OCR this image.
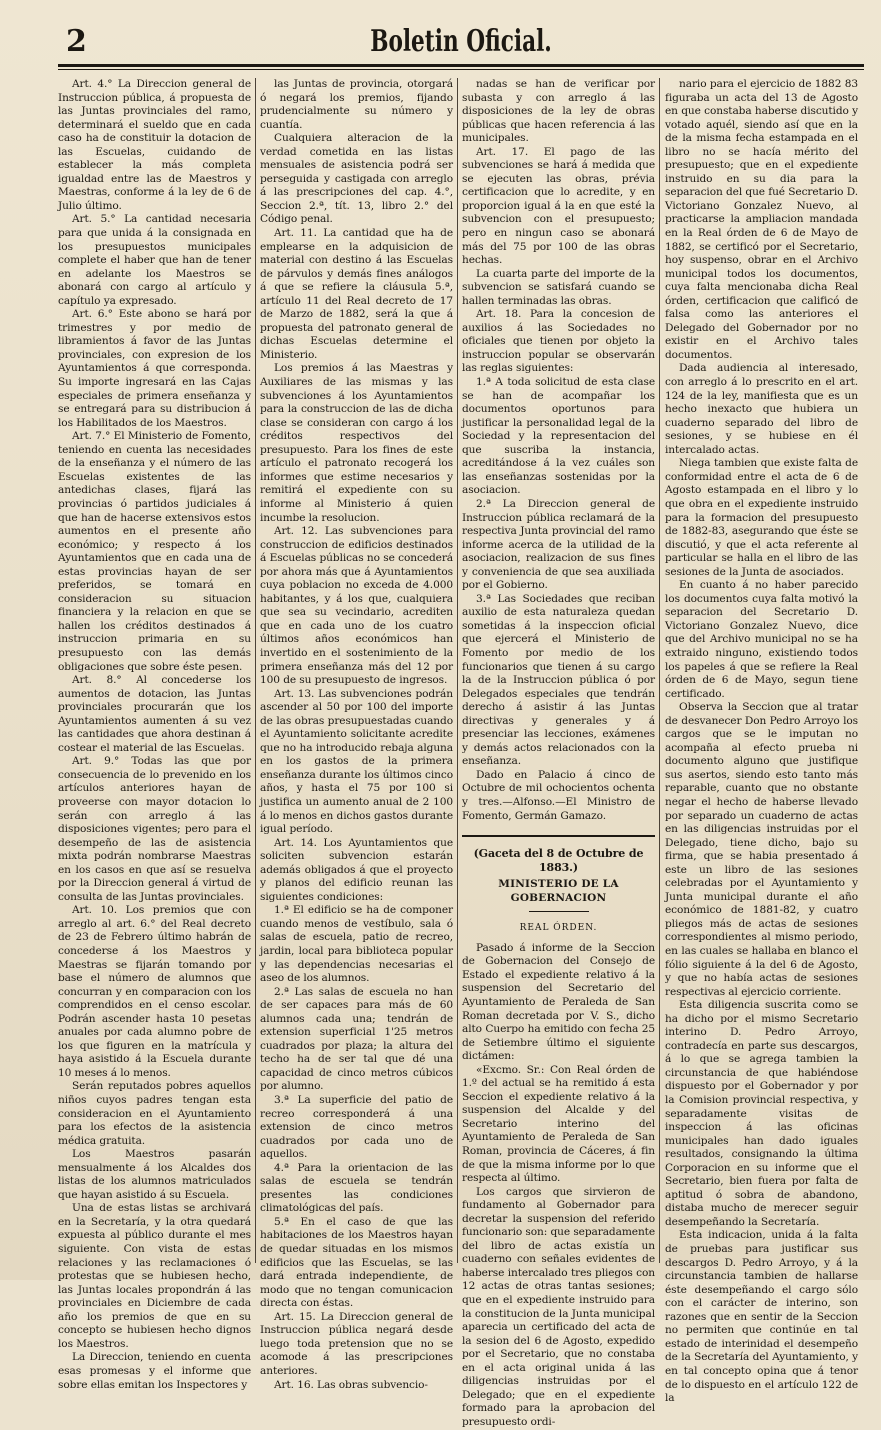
2	Boletin Oficial.

Art. 4.° La Direccion general de Instruccion pública, á propuesta de las Juntas provinciales del ramo, determinará el sueldo que en cada caso ha de constituir la dotacion de las Escuelas, cuidando de establecer la más completa igualdad entre las de Maestros y Maestras, conforme á la ley de 6 de Julio último.

Art. 5.° La cantidad necesaria para que unida á la consignada en los presupuestos municipales complete el haber que han de tener en adelante los Maestros se abonará con cargo al artículo y capítulo ya expresado.

Art. 6.° Este abono se hará por trimestres y por medio de libramientos á favor de las Juntas provinciales, con expresion de los Ayuntamientos á que corresponda. Su importe ingresará en las Cajas especiales de primera enseñanza y se entregará para su distribucion á los Habilitados de los Maestros.

Art. 7.° El Ministerio de Fomento, teniendo en cuenta las necesidades de la enseñanza y el número de las Escuelas existentes de las antedichas clases, fijará las provincias ó partidos judiciales á que han de hacerse extensivos estos aumentos en el presente año económico; y respecto á los Ayuntamientos que en cada una de estas provincias hayan de ser preferidos, se tomará en consideracion su situacion financiera y la relacion en que se hallen los créditos destinados á instruccion primaria en su presupuesto con las demás obligaciones que sobre éste pesen.

Art. 8.° Al concederse los aumentos de dotacion, las Juntas provinciales procurarán que los Ayuntamientos aumenten á su vez las cantidades que ahora destinan á costear el material de las Escuelas.

Art. 9.° Todas las que por consecuencia de lo prevenido en los artículos anteriores hayan de proveerse con mayor dotacion lo serán con arreglo á las disposiciones vigentes; pero para el desempeño de las de asistencia mixta podrán nombrarse Maestras en los casos en que así se resuelva por la Direccion general á virtud de consulta de las Juntas provinciales.

Art. 10. Los premios que con arreglo al art. 6.° del Real decreto de 23 de Febrero último habrán de concederse á los Maestros y Maestras se fijarán tomando por base el número de alumnos que concurran y en comparacion con los comprendidos en el censo escolar. Podrán ascender hasta 10 pesetas anuales por cada alumno pobre de los que figuren en la matrícula y haya asistido á la Escuela durante 10 meses á lo menos.

Serán reputados pobres aquellos niños cuyos padres tengan esta consideracion en el Ayuntamiento para los efectos de la asistencia médica gratuita.

Los Maestros pasarán mensualmente á los Alcaldes dos listas de los alumnos matriculados que hayan asistido á su Escuela.

Una de estas listas se archivará en la Secretaría, y la otra quedará expuesta al público durante el mes siguiente. Con vista de estas relaciones y las reclamaciones ó protestas que se hubiesen hecho, las Juntas locales propondrán á las provinciales en Diciembre de cada año los premios de que en su concepto se hubiesen hecho dignos los Maestros.

La Direccion, teniendo en cuenta esas promesas y el informe que sobre ellas emitan los Inspectores y

las Juntas de provincia, otorgará ó negará los premios, fijando prudencialmente su número y cuantía.

Cualquiera alteracion de la verdad cometida en las listas mensuales de asistencia podrá ser perseguida y castigada con arreglo á las prescripciones del cap. 4.°, Seccion 2.ª, tít. 13, libro 2.° del Código penal.

Art. 11. La cantidad que ha de emplearse en la adquisicion de material con destino á las Escuelas de párvulos y demás fines análogos á que se refiere la cláusula 5.ª, artículo 11 del Real decreto de 17 de Marzo de 1882, será la que á propuesta del patronato general de dichas Escuelas determine el Ministerio.

Los premios á las Maestras y Auxiliares de las mismas y las subvenciones á los Ayuntamientos para la construccion de las de dicha clase se consideran con cargo á los créditos respectivos del presupuesto. Para los fines de este artículo el patronato recogerá los informes que estime necesarios y remitirá el expediente con su informe al Ministerio á quien incumbe la resolucion.

Art. 12. Las subvenciones para construccion de edificios destinados á Escuelas públicas no se concederá por ahora más que á Ayuntamientos cuya poblacion no exceda de 4.000 habitantes, y á los que, cualquiera que sea su vecindario, acrediten que en cada uno de los cuatro últimos años económicos han invertido en el sostenimiento de la primera enseñanza más del 12 por 100 de su presupuesto de ingresos.

Art. 13. Las subvenciones podrán ascender al 50 por 100 del importe de las obras presupuestadas cuando el Ayuntamiento solicitante acredite que no ha introducido rebaja alguna en los gastos de la primera enseñanza durante los últimos cinco años, y hasta el 75 por 100 si justifica un aumento anual de 2 100 á lo menos en dichos gastos durante igual período.

Art. 14. Los Ayuntamientos que soliciten subvencion estarán además obligados á que el proyecto y planos del edificio reunan las siguientes condiciones:

1.ª El edificio se ha de componer cuando menos de vestíbulo, sala ó salas de escuela, patio de recreo, jardin, local para biblioteca popular y las dependencias necesarias el aseo de los alumnos.

2.ª Las salas de escuela no han de ser capaces para más de 60 alumnos cada una; tendrán de extension superficial 1'25 metros cuadrados por plaza; la altura del techo ha de ser tal que dé una capacidad de cinco metros cúbicos por alumno.

3.ª La superficie del patio de recreo corresponderá á una extension de cinco metros cuadrados por cada uno de aquellos.

4.ª Para la orientacion de las salas de escuela se tendrán presentes las condiciones climatológicas del país.

5.ª En el caso de que las habitaciones de los Maestros hayan de quedar situadas en los mismos edificios que las Escuelas, se las dará entrada independiente, de modo que no tengan comunicacion directa con éstas.

Art. 15. La Direccion general de Instruccion pública negará desde luego toda pretension que no se acomode á las prescripciones anteriores.

Art. 16. Las obras subvencio-

nadas se han de verificar por subasta y con arreglo á las disposiciones de la ley de obras públicas que hacen referencia á las municipales.

Art. 17. El pago de las subvenciones se hará á medida que se ejecuten las obras, prévia certificacion que lo acredite, y en proporcion igual á la en que esté la subvencion con el presupuesto; pero en ningun caso se abonará más del 75 por 100 de las obras hechas.

La cuarta parte del importe de la subvencion se satisfará cuando se hallen terminadas las obras.

Art. 18. Para la concesion de auxilios á las Sociedades no oficiales que tienen por objeto la instruccion popular se observarán las reglas siguientes:

1.ª A toda solicitud de esta clase se han de acompañar los documentos oportunos para justificar la personalidad legal de la Sociedad y la representacion del que suscriba la instancia, acreditándose á la vez cuáles son las enseñanzas sostenidas por la asociacion.

2.ª La Direccion general de Instruccion pública reclamará de la respectiva Junta provincial del ramo informe acerca de la utilidad de la asociacion, realizacion de sus fines y conveniencia de que sea auxiliada por el Gobierno.

3.ª Las Sociedades que reciban auxilio de esta naturaleza quedan sometidas á la inspeccion oficial que ejercerá el Ministerio de Fomento por medio de los funcionarios que tienen á su cargo la de la Instruccion pública ó por Delegados especiales que tendrán derecho á asistir á las Juntas directivas y generales y á presenciar las lecciones, exámenes y demás actos relacionados con la enseñanza.

Dado en Palacio á cinco de Octubre de mil ochocientos ochenta y tres.—Alfonso.—El Ministro de Fomento, Germán Gamazo.

(Gaceta del 8 de Octubre de 1883.)
MINISTERIO DE LA GOBERNACION
REAL ÓRDEN.

Pasado á informe de la Seccion de Gobernacion del Consejo de Estado el expediente relativo á la suspension del Secretario del Ayuntamiento de Peraleda de San Roman decretada por V. S., dicho alto Cuerpo ha emitido con fecha 25 de Setiembre último el siguiente dictámen:

«Excmo. Sr.: Con Real órden de 1.º del actual se ha remitido á esta Seccion el expediente relativo á la suspension del Alcalde y del Secretario interino del Ayuntamiento de Peraleda de San Roman, provincia de Cáceres, á fin de que la misma informe por lo que respecta al último.

Los cargos que sirvieron de fundamento al Gobernador para decretar la suspension del referido funcionario son: que separadamente del libro de actas existía un cuaderno con señales evidentes de haberse intercalado tres pliegos con 12 actas de otras tantas sesiones; que en el expediente instruido para la constitucion de la Junta municipal aparecia un certificado del acta de la sesion del 6 de Agosto, expedido por el Secretario, que no constaba en el acta original unida á las diligencias instruidas por el Delegado; que en el expediente formado para la aprobacion del presupuesto ordi-

nario para el ejercicio de 1882 83 figuraba un acta del 13 de Agosto en que constaba haberse discutido y votado aquél, siendo así que en la de la misma fecha estampada en el libro no se hacía mérito del presupuesto; que en el expediente instruido en su dia para la separacion del que fué Secretario D. Victoriano Gonzalez Nuevo, al practicarse la ampliacion mandada en la Real órden de 6 de Mayo de 1882, se certificó por el Secretario, hoy suspenso, obrar en el Archivo municipal todos los documentos, cuya falta mencionaba dicha Real órden, certificacion que calificó de falsa como las anteriores el Delegado del Gobernador por no existir en el Archivo tales documentos.

Dada audiencia al interesado, con arreglo á lo prescrito en el art. 124 de la ley, manifiesta que es un hecho inexacto que hubiera un cuaderno separado del libro de sesiones, y se hubiese en él intercalado actas.

Niega tambien que existe falta de conformidad entre el acta de 6 de Agosto estampada en el libro y lo que obra en el expediente instruido para la formacion del presupuesto de 1882-83, asegurando que éste se discutió, y que el acta referente al particular se halla en el libro de las sesiones de la Junta de asociados.

En cuanto á no haber parecido los documentos cuya falta motivó la separacion del Secretario D. Victoriano Gonzalez Nuevo, dice que del Archivo municipal no se ha extraido ninguno, existiendo todos los papeles á que se refiere la Real órden de 6 de Mayo, segun tiene certificado.

Observa la Seccion que al tratar de desvanecer Don Pedro Arroyo los cargos que se le imputan no acompaña al efecto prueba ni documento alguno que justifique sus asertos, siendo esto tanto más reparable, cuanto que no obstante negar el hecho de haberse llevado por separado un cuaderno de actas en las diligencias instruidas por el Delegado, tiene dicho, bajo su firma, que se habia presentado á este un libro de las sesiones celebradas por el Ayuntamiento y Junta municipal durante el año económico de 1881-82, y cuatro pliegos más de actas de sesiones correspondientes al mismo periodo, en las cuales se hallaba en blanco el fólio siguiente á la del 6 de Agosto, y que no había actas de sesiones respectivas al ejercicio corriente.

Esta diligencia suscrita como se ha dicho por el mismo Secretario interino D. Pedro Arroyo, contradecía en parte sus descargos, á lo que se agrega tambien la circunstancia de que habiéndose dispuesto por el Gobernador y por la Comision provincial respectiva, y separadamente visitas de inspeccion á las oficinas municipales han dado iguales resultados, consignando la última Corporacion en su informe que el Secretario, bien fuera por falta de aptitud ó sobra de abandono, distaba mucho de merecer seguir desempeñando la Secretaría.

Esta indicacion, unida á la falta de pruebas para justificar sus descargos D. Pedro Arroyo, y á la circunstancia tambien de hallarse éste desempeñando el cargo sólo con el carácter de interino, son razones que en sentir de la Seccion no permiten que continúe en tal estado de interinidad el desempeño de la Secretaría del Ayuntamiento, y en tal concepto opina que á tenor de lo dispuesto en el artículo 122 de la
